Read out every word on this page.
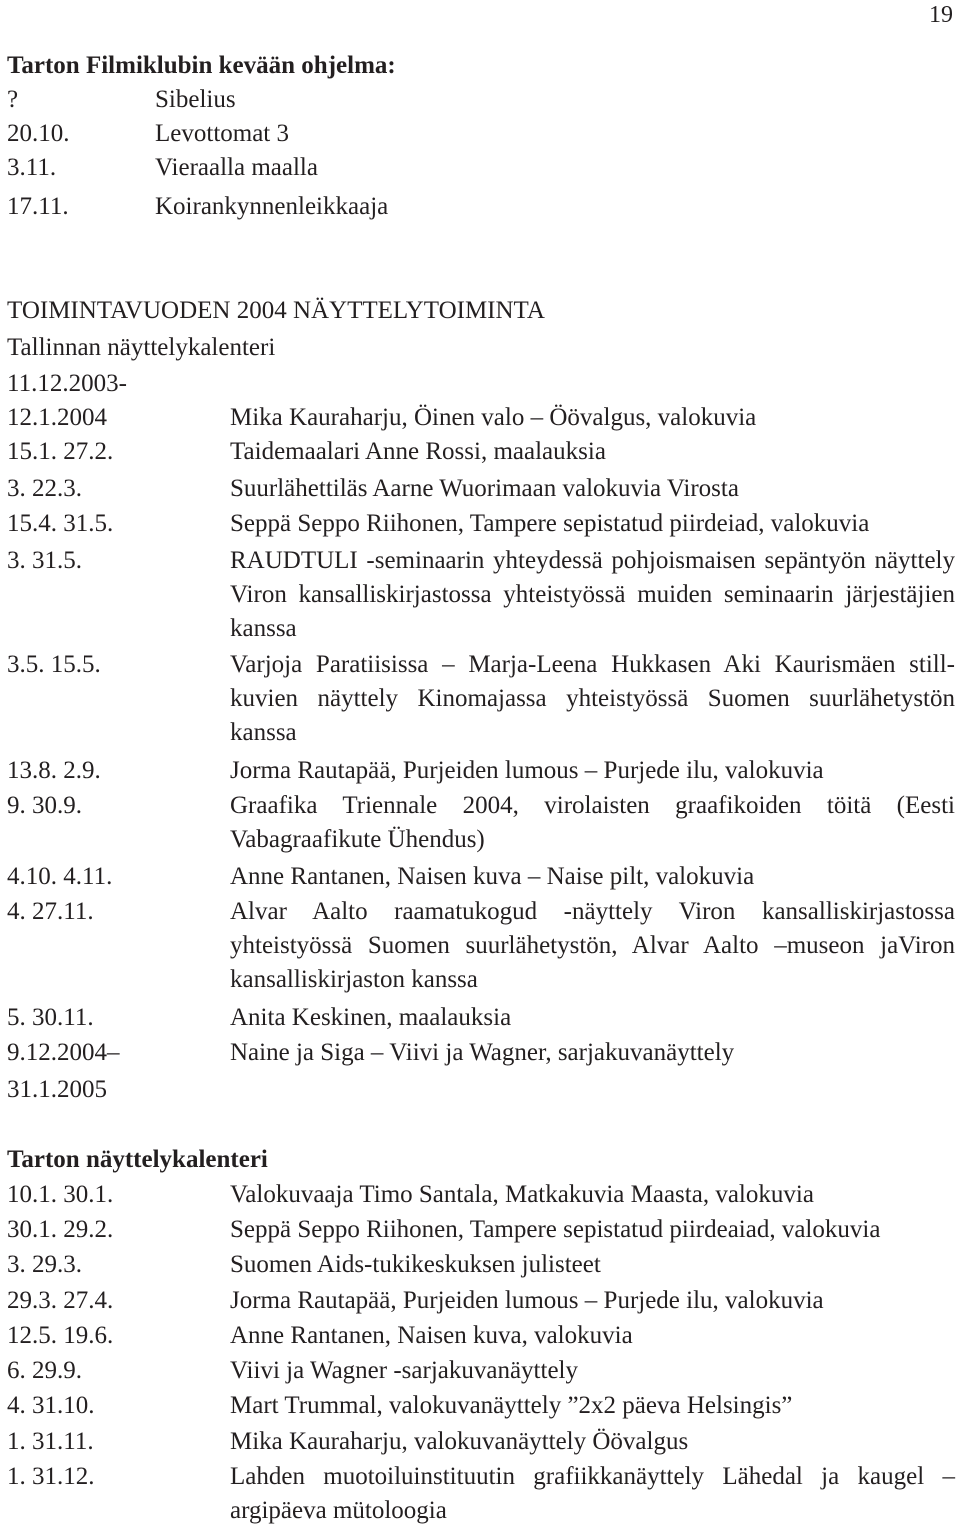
19
Tarton Filmiklubin kevään ohjelma:
?	Sibelius
20.10.	Levottomat 3
3.11.	Vieraalla maalla
17.11.	Koirankynnenleikkaaja
TOIMINTAVUODEN 2004 NÄYTTELYTOIMINTA
Tallinnan näyttelykalenteri
11.12.2003-
12.1.2004	Mika Kauraharju, Öinen valo – Öövalgus, valokuvia
15.1. 27.2.	Taidemaalari Anne Rossi, maalauksia
3. 22.3.	Suurlähettiläs Aarne Wuorimaan valokuvia Virosta
15.4. 31.5.	Seppä Seppo Riihonen, Tampere sepistatud piirdeiad, valokuvia
3. 31.5.	RAUDTULI -seminaarin yhteydessä pohjoismaisen sepäntyön näyttely Viron kansalliskirjastossa yhteistyössä muiden seminaarin järjestäjien kanssa
3.5. 15.5.	Varjoja Paratiisissa – Marja-Leena Hukkasen Aki Kaurismäen still-kuvien näyttely Kinomajassa yhteistyössä Suomen suurlähetystön kanssa
13.8. 2.9.	Jorma Rautapää, Purjeiden lumous – Purjede ilu, valokuvia
9. 30.9.	Graafika Triennale 2004, virolaisten graafikoiden töitä (Eesti Vabagraafikute Ühendus)
4.10. 4.11.	Anne Rantanen, Naisen kuva – Naise pilt, valokuvia
4. 27.11.	Alvar Aalto raamatukogud -näyttely Viron kansalliskirjastossa yhteistyössä Suomen suurlähetystön, Alvar Aalto –museon jaViron kansalliskirjaston kanssa
5. 30.11.	Anita Keskinen, maalauksia
9.12.2004–	Naine ja Siga – Viivi ja Wagner, sarjakuvanäyttely
31.1.2005
Tarton näyttelykalenteri
10.1. 30.1.	Valokuvaaja Timo Santala, Matkakuvia Maasta, valokuvia
30.1. 29.2.	Seppä Seppo Riihonen, Tampere sepistatud piirdeaiad, valokuvia
3. 29.3.	Suomen Aids-tukikeskuksen julisteet
29.3. 27.4.	Jorma Rautapää, Purjeiden lumous – Purjede ilu, valokuvia
12.5. 19.6.	Anne Rantanen, Naisen kuva, valokuvia
6. 29.9.	Viivi ja Wagner -sarjakuvanäyttely
4. 31.10.	Mart Trummal, valokuvanäyttely ”2x2 päeva Helsingis”
1. 31.11.	Mika Kauraharju, valokuvanäyttely Öövalgus
1. 31.12.	Lahden muotoiluinstituutin grafiikkanäyttely Lähedal ja kaugel – argipäeva mütoloogia
